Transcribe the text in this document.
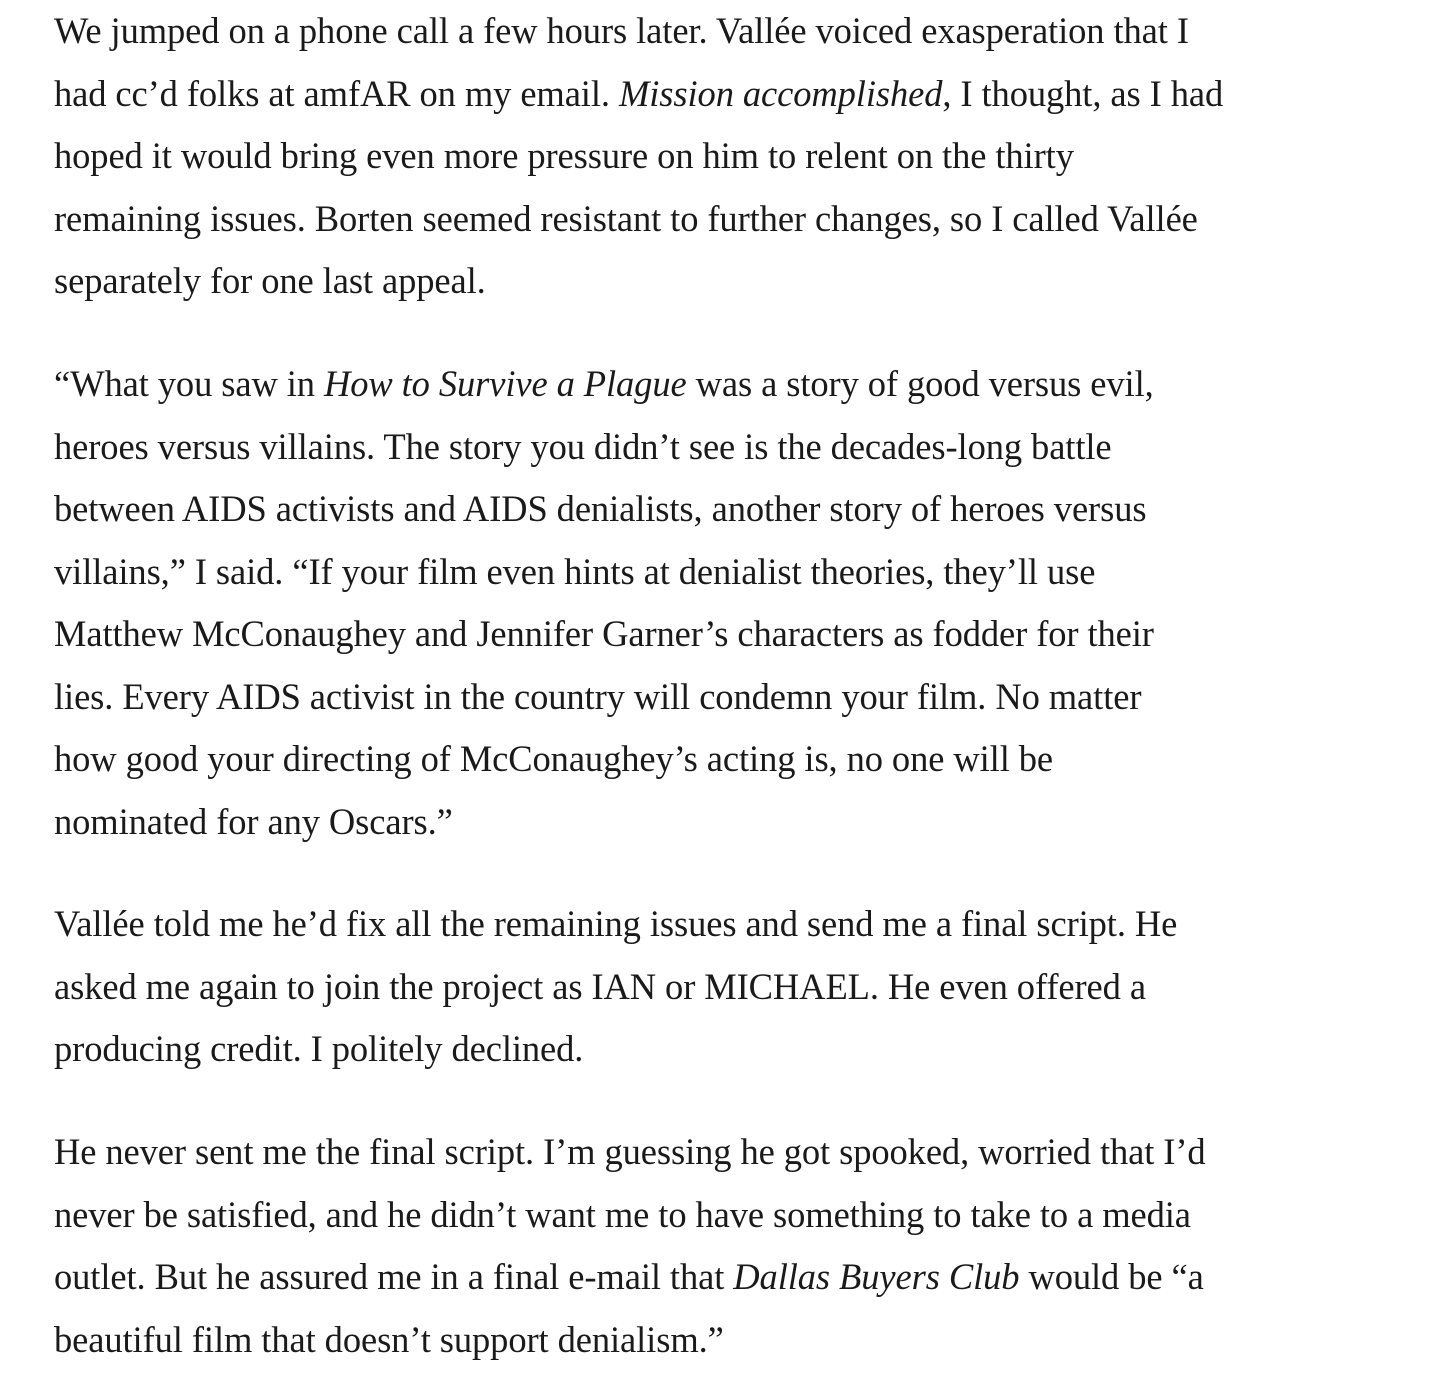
We jumped on a phone call a few hours later. Vallée voiced exasperation that I
had cc’d folks at amfAR on my email. Mission accomplished, I thought, as I had
hoped it would bring even more pressure on him to relent on the thirty
remaining issues. Borten seemed resistant to further changes, so I called Vallée
separately for one last appeal.
“What you saw in How to Survive a Plague was a story of good versus evil,
heroes versus villains. The story you didn’t see is the decades-long battle
between AIDS activists and AIDS denialists, another story of heroes versus
villains,” I said. “If your film even hints at denialist theories, they’ll use
Matthew McConaughey and Jennifer Garner’s characters as fodder for their
lies. Every AIDS activist in the country will condemn your film. No matter
how good your directing of McConaughey’s acting is, no one will be
nominated for any Oscars.”
Vallée told me he’d fix all the remaining issues and send me a final script. He
asked me again to join the project as IAN or MICHAEL. He even offered a
producing credit. I politely declined.
He never sent me the final script. I’m guessing he got spooked, worried that I’d
never be satisfied, and he didn’t want me to have something to take to a media
outlet. But he assured me in a final e-mail that Dallas Buyers Club would be “a
beautiful film that doesn’t support denialism.”
